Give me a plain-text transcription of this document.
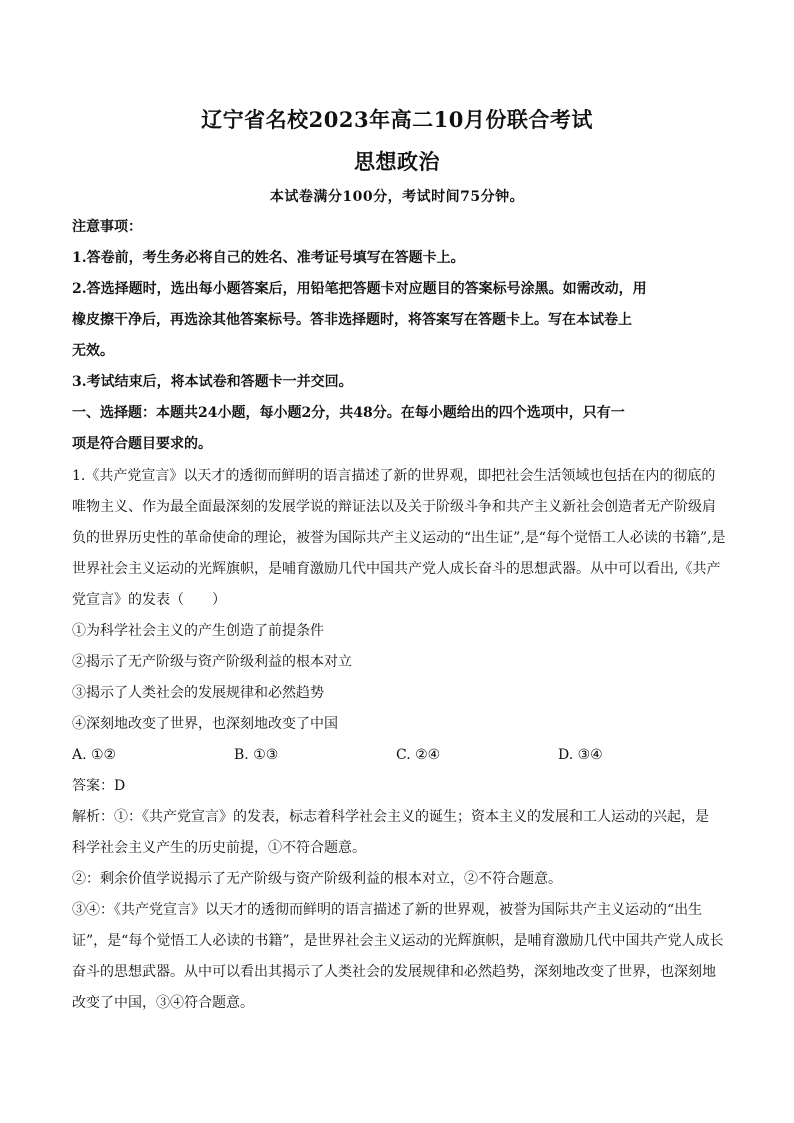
辽宁省名校2023年高二10月份联合考试
思想政治
本试卷满分100分，考试时间75分钟。
注意事项：
1.答卷前，考生务必将自己的姓名、准考证号填写在答题卡上。
2.答选择题时，选出每小题答案后，用铅笔把答题卡对应题目的答案标号涂黑。如需改动，用
橡皮擦干净后，再选涂其他答案标号。答非选择题时，将答案写在答题卡上。写在本试卷上
无效。
3.考试结束后，将本试卷和答题卡一并交回。
一、选择题：本题共24小题，每小题2分，共48分。在每小题给出的四个选项中，只有一
项是符合题目要求的。
1.《共产党宣言》以天才的透彻而鲜明的语言描述了新的世界观，即把社会生活领域也包括在内的彻底的
唯物主义、作为最全面最深刻的发展学说的辩证法以及关于阶级斗争和共产主义新社会创造者无产阶级肩
负的世界历史性的革命使命的理论，被誉为国际共产主义运动的“出生证”,是“每个觉悟工人必读的书籍”,是
世界社会主义运动的光辉旗帜，是哺育激励几代中国共产党人成长奋斗的思想武器。从中可以看出,《共产
党宣言》的发表（　　）
①为科学社会主义的产生创造了前提条件
②揭示了无产阶级与资产阶级利益的根本对立
③揭示了人类社会的发展规律和必然趋势
④深刻地改变了世界，也深刻地改变了中国
A. ①②	B. ①③	C. ②④	D. ③④
答案：D
解析：①：《共产党宣言》的发表，标志着科学社会主义的诞生；资本主义的发展和工人运动的兴起，是
科学社会主义产生的历史前提，①不符合题意。
②：剩余价值学说揭示了无产阶级与资产阶级利益的根本对立，②不符合题意。
③④：《共产党宣言》以天才的透彻而鲜明的语言描述了新的世界观，被誉为国际共产主义运动的“出生
证”，是“每个觉悟工人必读的书籍”，是世界社会主义运动的光辉旗帜，是哺育激励几代中国共产党人成长
奋斗的思想武器。从中可以看出其揭示了人类社会的发展规律和必然趋势，深刻地改变了世界，也深刻地
改变了中国，③④符合题意。
